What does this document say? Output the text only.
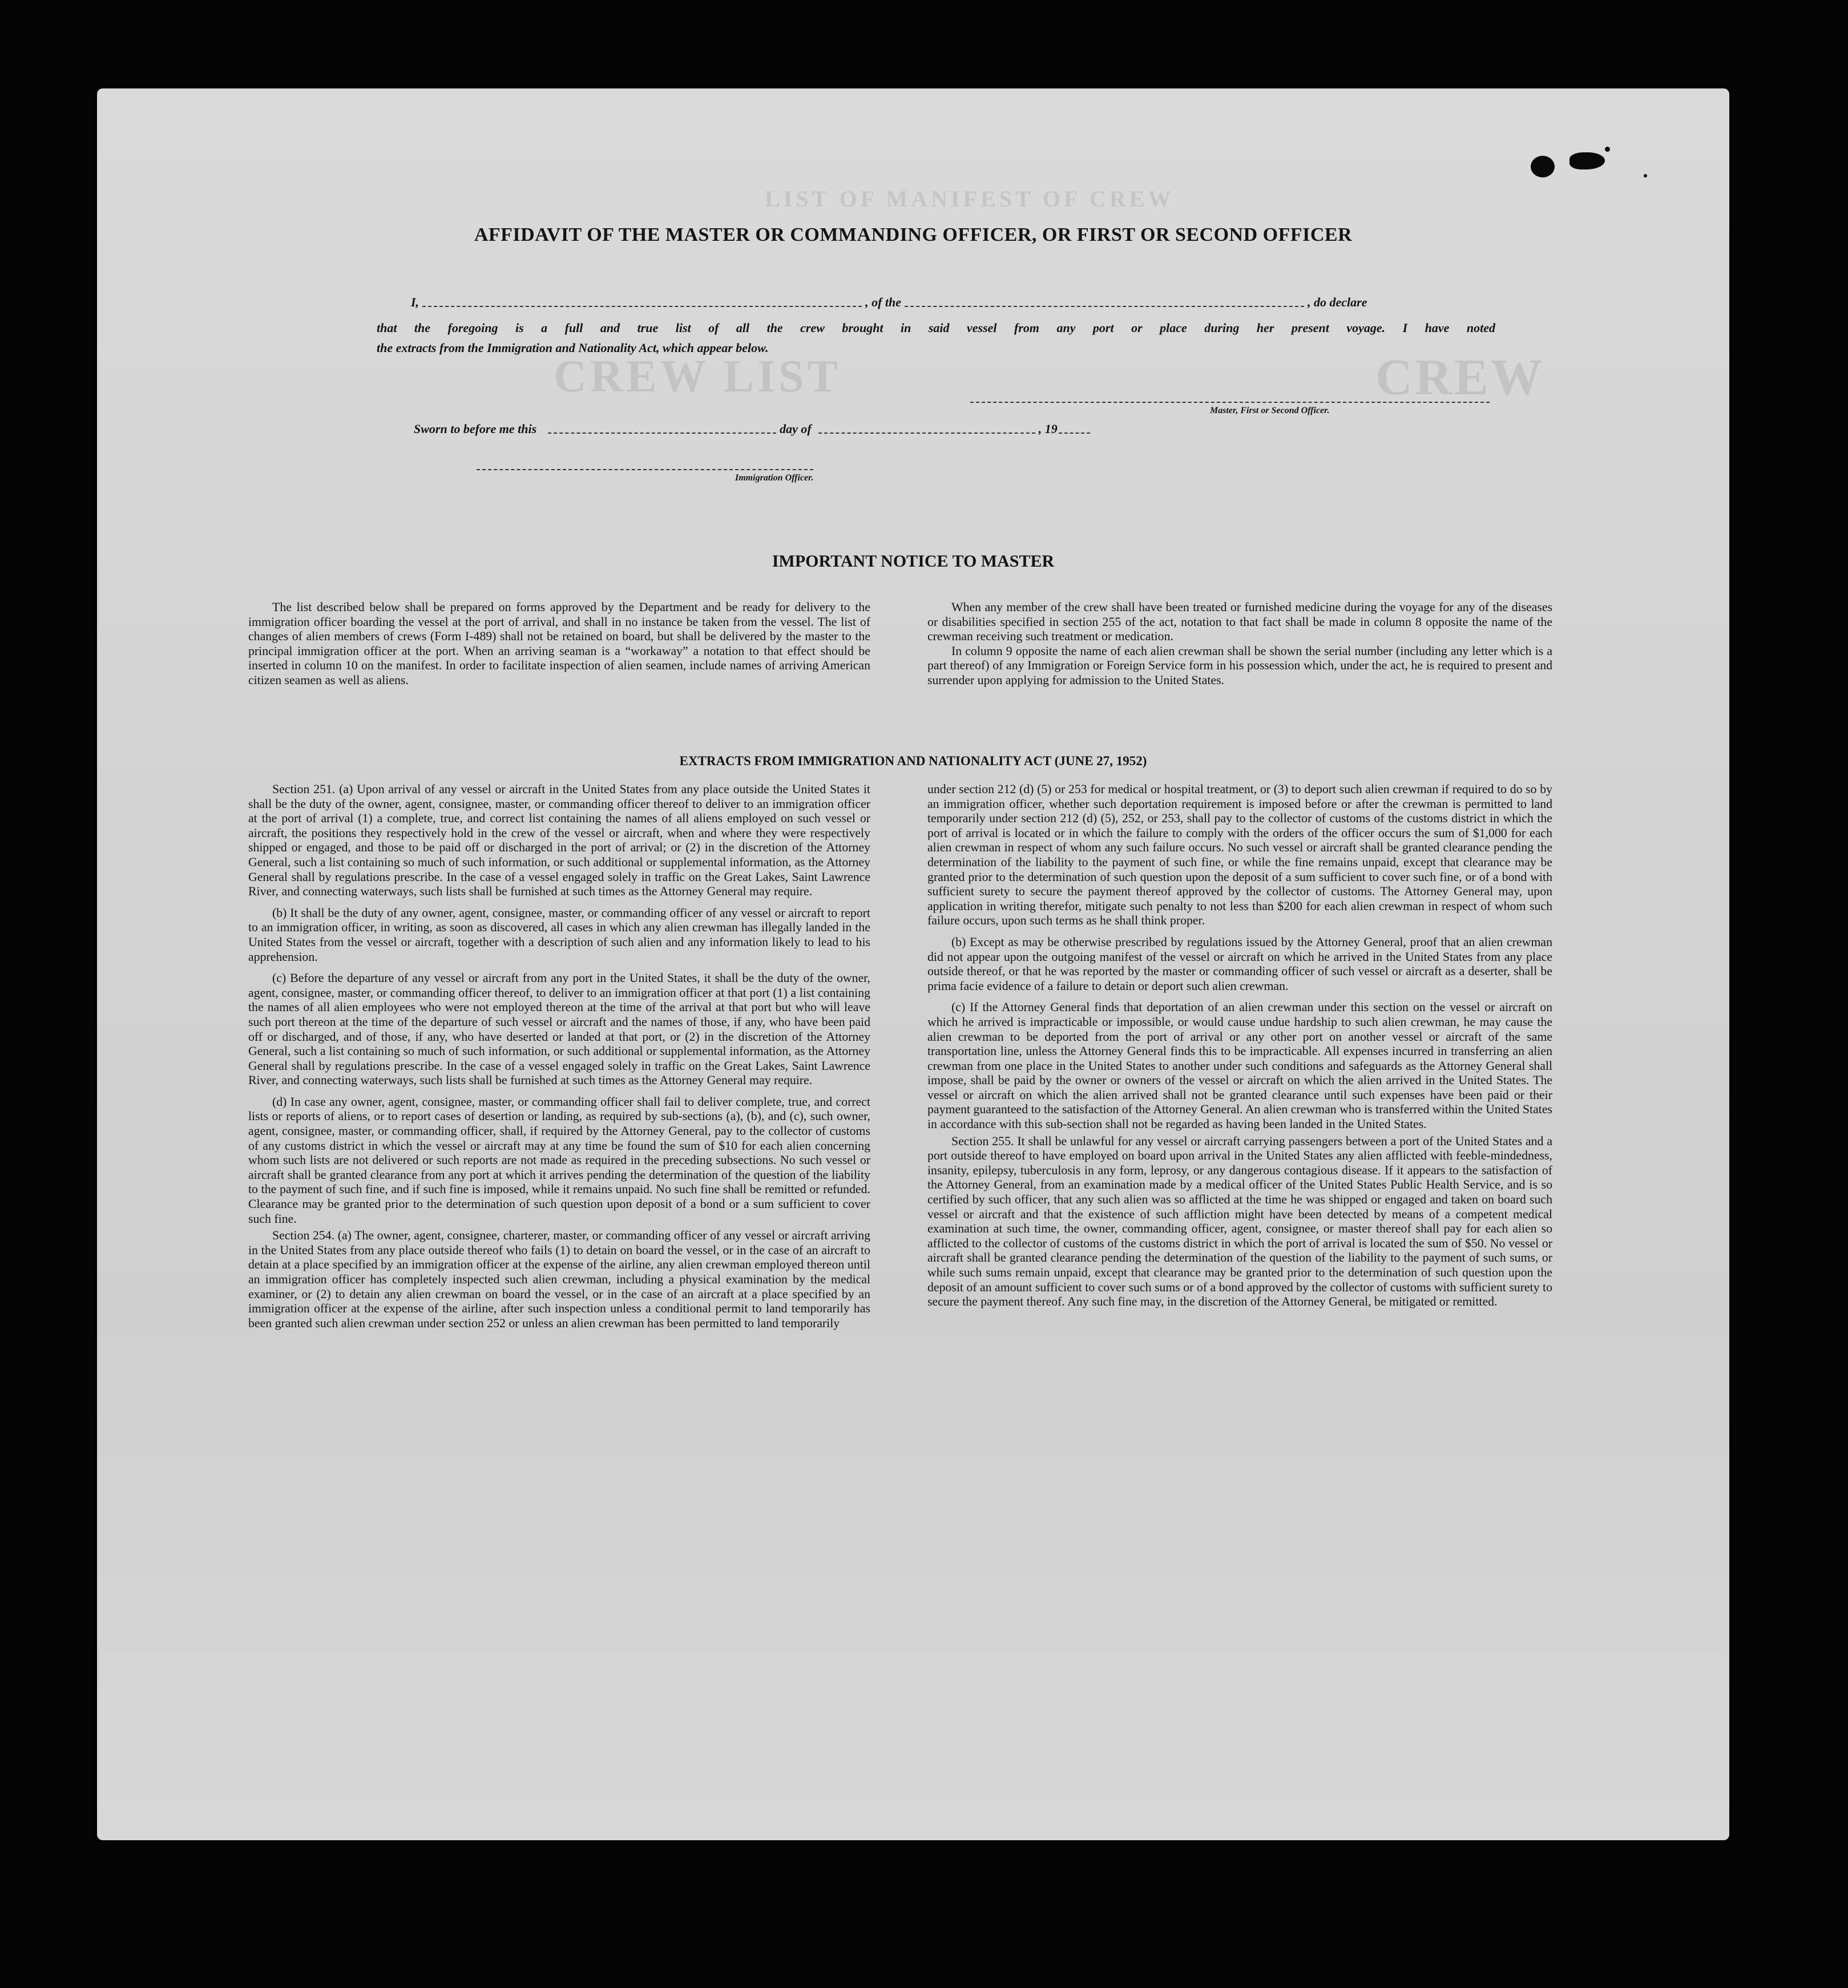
LIST OF MANIFEST OF CREW
CREW
CREW LIST
AFFIDAVIT OF THE MASTER OR COMMANDING OFFICER, OR FIRST OR SECOND OFFICER
I,	, of the	, do declare
that the foregoing is a full and true list of all the crew brought in said vessel from any port or place during her present voyage. I have noted
the extracts from the Immigration and Nationality Act, which appear below.
Master, First or Second Officer.
Sworn to before me this	day of	, 19
Immigration Officer.
IMPORTANT NOTICE TO MASTER

The list described below shall be prepared on forms approved by the Department and be ready for delivery to the immigration officer boarding the vessel at the port of arrival, and shall in no instance be taken from the vessel. The list of changes of alien members of crews (Form I-489) shall not be retained on board, but shall be delivered by the master to the principal immigration officer at the port. When an arriving seaman is a “workaway” a notation to that effect should be inserted in column 10 on the manifest. In order to facilitate inspection of alien seamen, include names of arriving American citizen seamen as well as aliens.

When any member of the crew shall have been treated or furnished medicine during the voyage for any of the diseases or disabilities specified in section 255 of the act, notation to that fact shall be made in column 8 opposite the name of the crewman receiving such treatment or medication.

In column 9 opposite the name of each alien crewman shall be shown the serial number (including any letter which is a part thereof) of any Immigration or Foreign Service form in his possession which, under the act, he is required to present and surrender upon applying for admission to the United States.

EXTRACTS FROM IMMIGRATION AND NATIONALITY ACT (JUNE 27, 1952)

Section 251. (a) Upon arrival of any vessel or aircraft in the United States from any place outside the United States it shall be the duty of the owner, agent, consignee, master, or commanding officer thereof to deliver to an immigration officer at the port of arrival (1) a complete, true, and correct list containing the names of all aliens employed on such vessel or aircraft, the positions they respectively hold in the crew of the vessel or aircraft, when and where they were respectively shipped or engaged, and those to be paid off or discharged in the port of arrival; or (2) in the discretion of the Attorney General, such a list containing so much of such information, or such additional or supplemental information, as the Attorney General shall by regulations prescribe. In the case of a vessel engaged solely in traffic on the Great Lakes, Saint Lawrence River, and connecting waterways, such lists shall be furnished at such times as the Attorney General may require.

(b) It shall be the duty of any owner, agent, consignee, master, or commanding officer of any vessel or aircraft to report to an immigration officer, in writing, as soon as discovered, all cases in which any alien crewman has illegally landed in the United States from the vessel or aircraft, together with a description of such alien and any information likely to lead to his apprehension.

(c) Before the departure of any vessel or aircraft from any port in the United States, it shall be the duty of the owner, agent, consignee, master, or commanding officer thereof, to deliver to an immigration officer at that port (1) a list containing the names of all alien employees who were not employed thereon at the time of the arrival at that port but who will leave such port thereon at the time of the departure of such vessel or aircraft and the names of those, if any, who have been paid off or discharged, and of those, if any, who have deserted or landed at that port, or (2) in the discretion of the Attorney General, such a list containing so much of such information, or such additional or supplemental information, as the Attorney General shall by regulations prescribe. In the case of a vessel engaged solely in traffic on the Great Lakes, Saint Lawrence River, and connecting waterways, such lists shall be furnished at such times as the Attorney General may require.

(d) In case any owner, agent, consignee, master, or commanding officer shall fail to deliver complete, true, and correct lists or reports of aliens, or to report cases of desertion or landing, as required by sub-sections (a), (b), and (c), such owner, agent, consignee, master, or commanding officer, shall, if required by the Attorney General, pay to the collector of customs of any customs district in which the vessel or aircraft may at any time be found the sum of $10 for each alien concerning whom such lists are not delivered or such reports are not made as required in the preceding subsections. No such vessel or aircraft shall be granted clearance from any port at which it arrives pending the determination of the question of the liability to the payment of such fine, and if such fine is imposed, while it remains unpaid. No such fine shall be remitted or refunded. Clearance may be granted prior to the determination of such question upon deposit of a bond or a sum sufficient to cover such fine.

Section 254. (a) The owner, agent, consignee, charterer, master, or commanding officer of any vessel or aircraft arriving in the United States from any place outside thereof who fails (1) to detain on board the vessel, or in the case of an aircraft to detain at a place specified by an immigration officer at the expense of the airline, any alien crewman employed thereon until an immigration officer has completely inspected such alien crewman, including a physical examination by the medical examiner, or (2) to detain any alien crewman on board the vessel, or in the case of an aircraft at a place specified by an immigration officer at the expense of the airline, after such inspection unless a conditional permit to land temporarily has been granted such alien crewman under section 252 or unless an alien crewman has been permitted to land temporarily

under section 212 (d) (5) or 253 for medical or hospital treatment, or (3) to deport such alien crewman if required to do so by an immigration officer, whether such deportation requirement is imposed before or after the crewman is permitted to land temporarily under section 212 (d) (5), 252, or 253, shall pay to the collector of customs of the customs district in which the port of arrival is located or in which the failure to comply with the orders of the officer occurs the sum of $1,000 for each alien crewman in respect of whom any such failure occurs. No such vessel or aircraft shall be granted clearance pending the determination of the liability to the payment of such fine, or while the fine remains unpaid, except that clearance may be granted prior to the determination of such question upon the deposit of a sum sufficient to cover such fine, or of a bond with sufficient surety to secure the payment thereof approved by the collector of customs. The Attorney General may, upon application in writing therefor, mitigate such penalty to not less than $200 for each alien crewman in respect of whom such failure occurs, upon such terms as he shall think proper.

(b) Except as may be otherwise prescribed by regulations issued by the Attorney General, proof that an alien crewman did not appear upon the outgoing manifest of the vessel or aircraft on which he arrived in the United States from any place outside thereof, or that he was reported by the master or commanding officer of such vessel or aircraft as a deserter, shall be prima facie evidence of a failure to detain or deport such alien crewman.

(c) If the Attorney General finds that deportation of an alien crewman under this section on the vessel or aircraft on which he arrived is impracticable or impossible, or would cause undue hardship to such alien crewman, he may cause the alien crewman to be deported from the port of arrival or any other port on another vessel or aircraft of the same transportation line, unless the Attorney General finds this to be impracticable. All expenses incurred in transferring an alien crewman from one place in the United States to another under such conditions and safeguards as the Attorney General shall impose, shall be paid by the owner or owners of the vessel or aircraft on which the alien arrived in the United States. The vessel or aircraft on which the alien arrived shall not be granted clearance until such expenses have been paid or their payment guaranteed to the satisfaction of the Attorney General. An alien crewman who is transferred within the United States in accordance with this sub-section shall not be regarded as having been landed in the United States.

Section 255. It shall be unlawful for any vessel or aircraft carrying passengers between a port of the United States and a port outside thereof to have employed on board upon arrival in the United States any alien afflicted with feeble-mindedness, insanity, epilepsy, tuberculosis in any form, leprosy, or any dangerous contagious disease. If it appears to the satisfaction of the Attorney General, from an examination made by a medical officer of the United States Public Health Service, and is so certified by such officer, that any such alien was so afflicted at the time he was shipped or engaged and taken on board such vessel or aircraft and that the existence of such affliction might have been detected by means of a competent medical examination at such time, the owner, commanding officer, agent, consignee, or master thereof shall pay for each alien so afflicted to the collector of customs of the customs district in which the port of arrival is located the sum of $50. No vessel or aircraft shall be granted clearance pending the determination of the question of the liability to the payment of such sums, or while such sums remain unpaid, except that clearance may be granted prior to the determination of such question upon the deposit of an amount sufficient to cover such sums or of a bond approved by the collector of customs with sufficient surety to secure the payment thereof. Any such fine may, in the discretion of the Attorney General, be mitigated or remitted.
